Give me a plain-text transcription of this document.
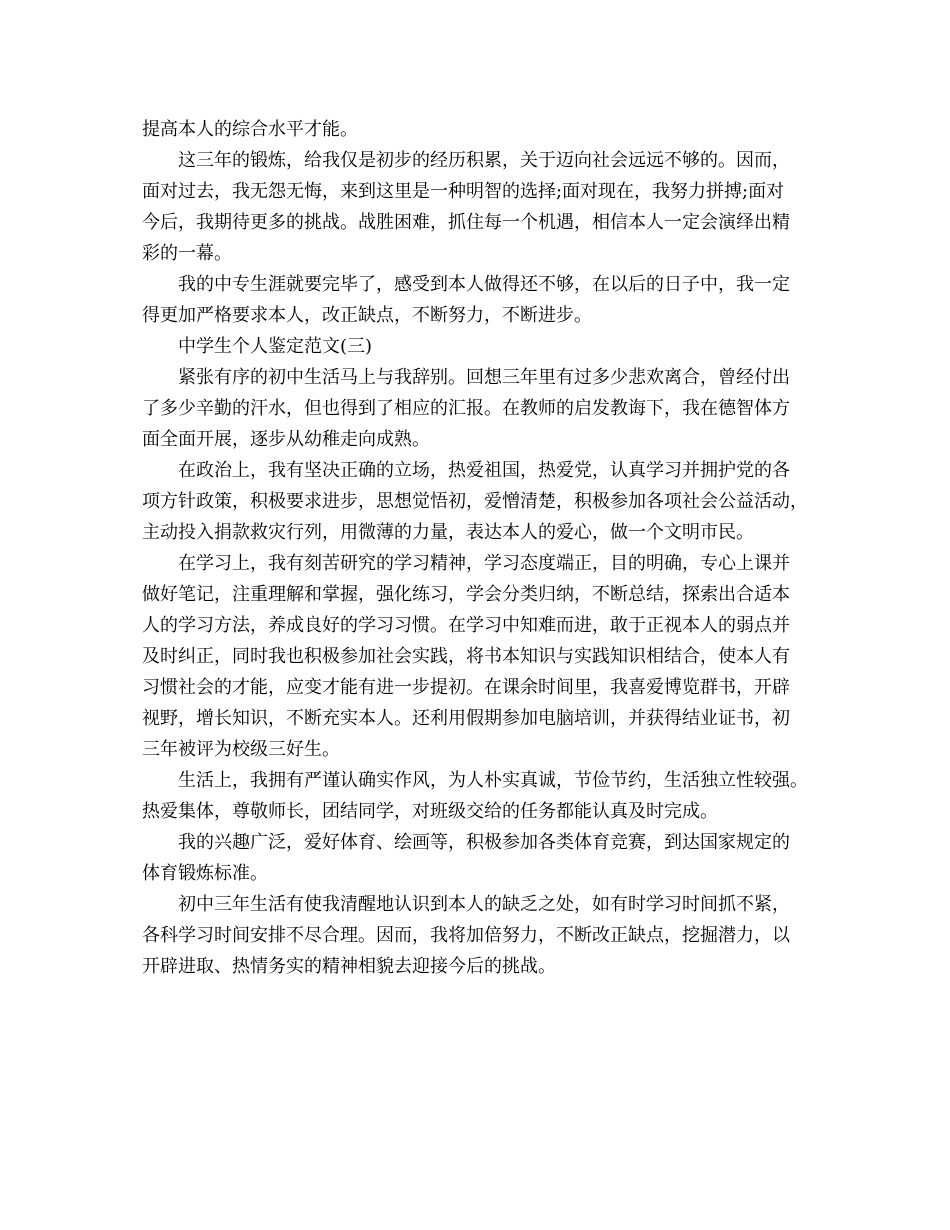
提高本人的综合水平才能。
这三年的锻炼，给我仅是初步的经历积累，关于迈向社会远远不够的。因而，
面对过去，我无怨无悔，来到这里是一种明智的选择;面对现在，我努力拼搏;面对
今后，我期待更多的挑战。战胜困难，抓住每一个机遇，相信本人一定会演绎出精
彩的一幕。
我的中专生涯就要完毕了，感受到本人做得还不够，在以后的日子中，我一定
得更加严格要求本人，改正缺点，不断努力，不断进步。
中学生个人鉴定范文(三)
紧张有序的初中生活马上与我辞别。回想三年里有过多少悲欢离合，曾经付出
了多少辛勤的汗水，但也得到了相应的汇报。在教师的启发教诲下，我在德智体方
面全面开展，逐步从幼稚走向成熟。
在政治上，我有坚决正确的立场，热爱祖国，热爱党，认真学习并拥护党的各
项方针政策，积极要求进步，思想觉悟初，爱憎清楚，积极参加各项社会公益活动，
主动投入捐款救灾行列，用微薄的力量，表达本人的爱心，做一个文明市民。
在学习上，我有刻苦研究的学习精神，学习态度端正，目的明确，专心上课并
做好笔记，注重理解和掌握，强化练习，学会分类归纳，不断总结，探索出合适本
人的学习方法，养成良好的学习习惯。在学习中知难而进，敢于正视本人的弱点并
及时纠正，同时我也积极参加社会实践，将书本知识与实践知识相结合，使本人有
习惯社会的才能，应变才能有进一步提初。在课余时间里，我喜爱博览群书，开辟
视野，增长知识，不断充实本人。还利用假期参加电脑培训，并获得结业证书，初
三年被评为校级三好生。
生活上，我拥有严谨认确实作风，为人朴实真诚，节俭节约，生活独立性较强。
热爱集体，尊敬师长，团结同学，对班级交给的任务都能认真及时完成。
我的兴趣广泛，爱好体育、绘画等，积极参加各类体育竞赛，到达国家规定的
体育锻炼标准。
初中三年生活有使我清醒地认识到本人的缺乏之处，如有时学习时间抓不紧，
各科学习时间安排不尽合理。因而，我将加倍努力，不断改正缺点，挖掘潜力，以
开辟进取、热情务实的精神相貌去迎接今后的挑战。
